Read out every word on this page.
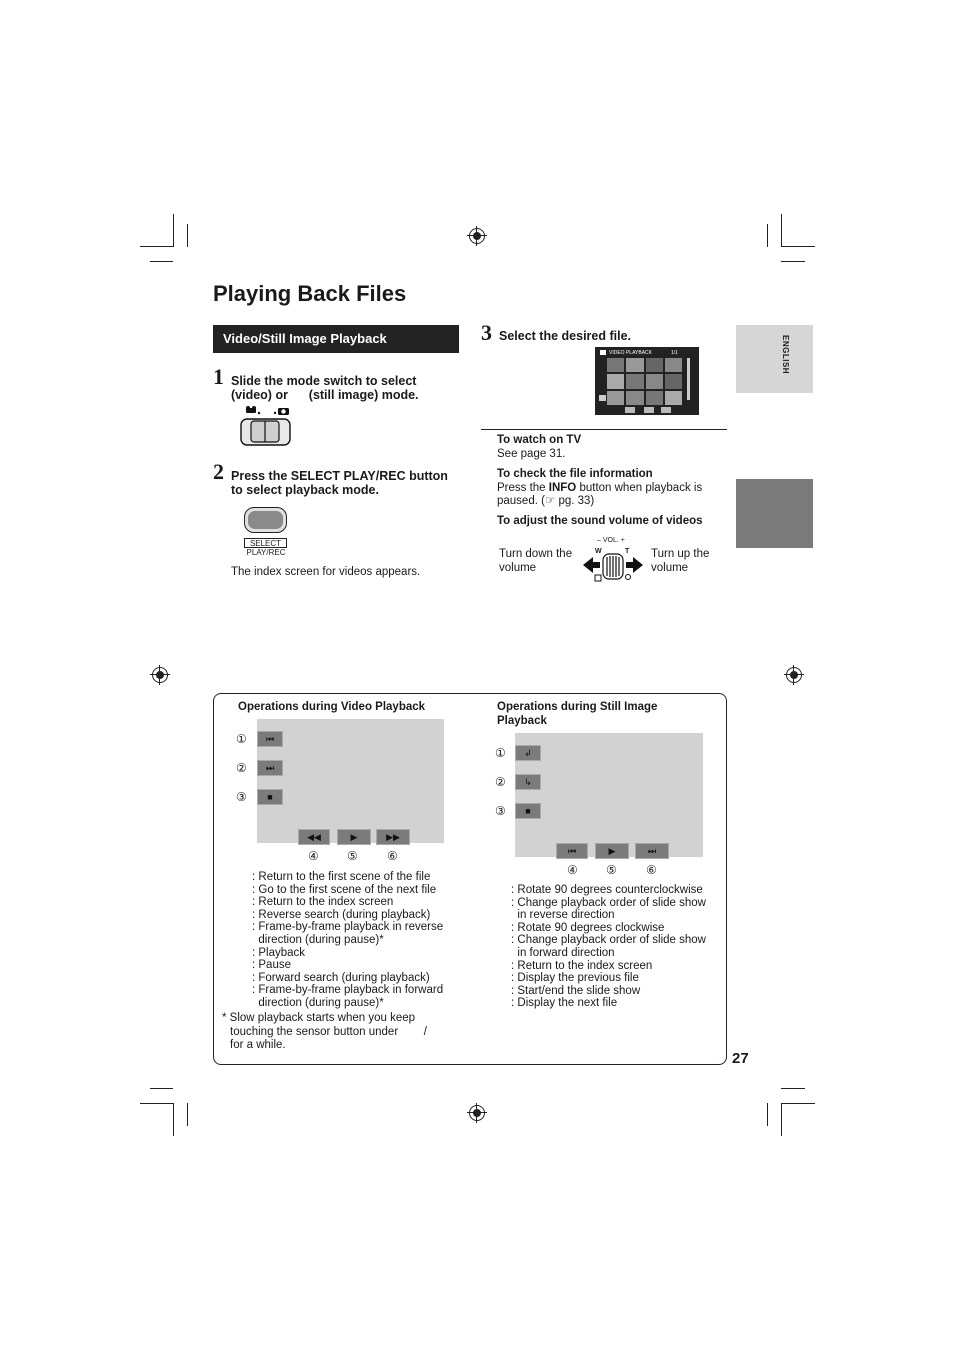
ENGLISH
Playing Back Files
Video/Still Image Playback
1 Slide the mode switch to select
(video) or      (still image) mode.
2 Press the SELECT PLAY/REC button
to select playback mode.
SELECT
PLAY/REC
The index screen for videos appears.
3 Select the desired file.
VIDEO PLAYBACK	1/1
To watch on TV
See page 31.
To check the file information
Press the INFO button when playback is
paused. (☞ pg. 33)
To adjust the sound volume of videos
Turn down the
volume
Turn up the
volume
– VOL. +
W	T
Operations during Video Playback
①
②
③
⏮
⏭
■
◀◀	▶	▶▶
④ ⑤ ⑥
: Return to the first scene of the file
: Go to the first scene of the next file
: Return to the index screen
: Reverse search (during playback)
: Frame-by-frame playback in reverse
direction (during pause)*
: Playback
: Pause
: Forward search (during playback)
: Frame-by-frame playback in forward
direction (during pause)*
* Slow playback starts when you keep
touching the sensor button under        /
for a while.
Operations during Still Image
Playback
①
②
③
↲
↳
■
⏮	▶	⏭
④ ⑤ ⑥
: Rotate 90 degrees counterclockwise
: Change playback order of slide show
in reverse direction
: Rotate 90 degrees clockwise
: Change playback order of slide show
in forward direction
: Return to the index screen
: Display the previous file
: Start/end the slide show
: Display the next file
27
